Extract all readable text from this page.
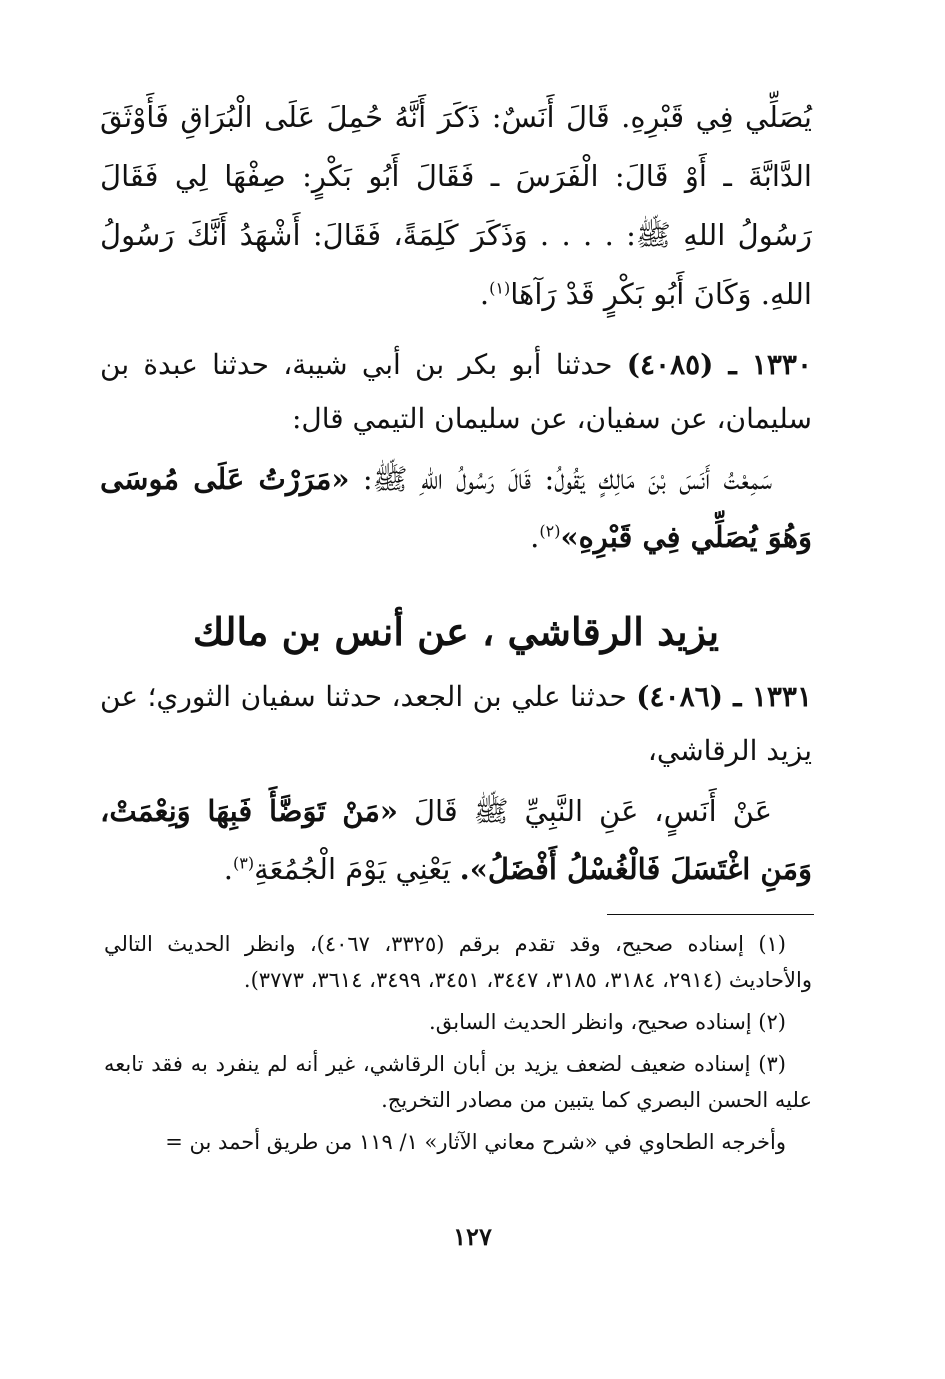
يُصَلِّي فِي قَبْرِهِ. قَالَ أَنَسٌ: ذَكَرَ أَنَّهُ حُمِلَ عَلَى الْبُرَاقِ فَأَوْثَقَ الدَّابَّةَ ـ أَوْ قَالَ: الْفَرَسَ ـ فَقَالَ أَبُو بَكْرٍ: صِفْهَا لِي فَقَالَ رَسُولُ اللهِ ﷺ: . . . . وَذَكَرَ كَلِمَةً، فَقَالَ: أَشْهَدُ أَنَّكَ رَسُولُ اللهِ. وَكَانَ أَبُو بَكْرٍ قَدْ رَآهَا$^{(١)}$.

١٣٣٠ ـ (٤٠٨٥) حدثنا أبو بكر بن أبي شيبة، حدثنا عبدة بن سليمان، عن سفيان، عن سليمان التيمي قال:

سَمِعْتُ أَنَسَ بْنَ مَالِكٍ يَقُولُ: قَالَ رَسُولُ اللهِ ﷺ: «مَرَرْتُ عَلَى مُوسَى وَهُوَ يُصَلِّي فِي قَبْرِهِ»$^{(٢)}$.

يزيد الرقاشي ، عن أنس بن مالك

١٣٣١ ـ (٤٠٨٦) حدثنا علي بن الجعد، حدثنا سفيان الثوري؛ عن يزيد الرقاشي،

عَنْ أَنَسٍ، عَنِ النَّبِيِّ ﷺ قَالَ «مَنْ تَوَضَّأَ فَبِهَا وَنِعْمَتْ، وَمَنِ اغْتَسَلَ فَالْغُسْلُ أَفْضَلُ». يَعْنِي يَوْمَ الْجُمُعَةِ$^{(٣)}$.

(١) إسناده صحيح، وقد تقدم برقم (٣٣٢٥، ٤٠٦٧)، وانظر الحديث التالي والأحاديث (٢٩١٤، ٣١٨٤، ٣١٨٥، ٣٤٤٧، ٣٤٥١، ٣٤٩٩، ٣٦١٤، ٣٧٧٣).

(٢) إسناده صحيح، وانظر الحديث السابق.

(٣) إسناده ضعيف لضعف يزيد بن أبان الرقاشي، غير أنه لم ينفرد به فقد تابعه عليه الحسن البصري كما يتبين من مصادر التخريج.

وأخرجه الطحاوي في «شرح معاني الآثار» ١/ ١١٩ من طريق أحمد بن =

١٢٧
